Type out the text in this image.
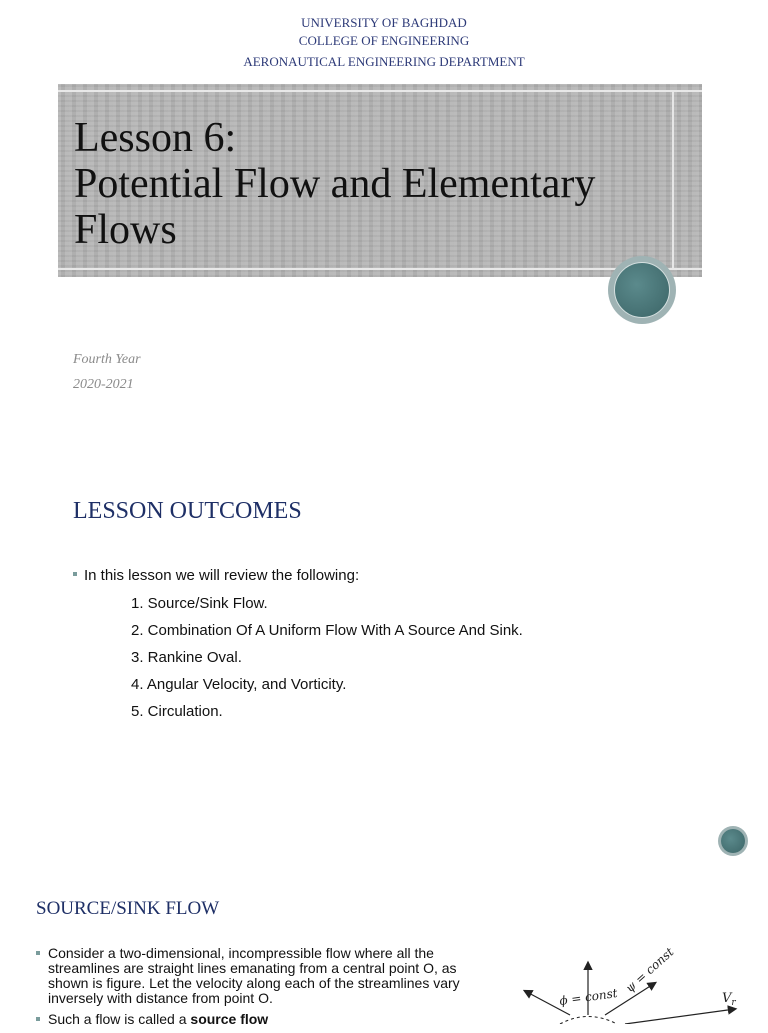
UNIVERSITY OF BAGHDAD
COLLEGE OF ENGINEERING
AERONAUTICAL ENGINEERING DEPARTMENT
Lesson 6:
Potential Flow and Elementary
Flows
Fourth Year
2020-2021
LESSON OUTCOMES
In this lesson we will review the following:
1. Source/Sink Flow.
2. Combination Of A Uniform Flow With A Source And Sink.
3. Rankine Oval.
4. Angular Velocity, and Vorticity.
5. Circulation.
SOURCE/SINK FLOW
Consider a two-dimensional, incompressible flow where all the streamlines are straight lines emanating from a central point O, as shown is figure. Let the velocity along each of the streamlines vary inversely with distance from point O.
Such a flow is called a source flow
ϕ = const
ψ = const
$V_r$
